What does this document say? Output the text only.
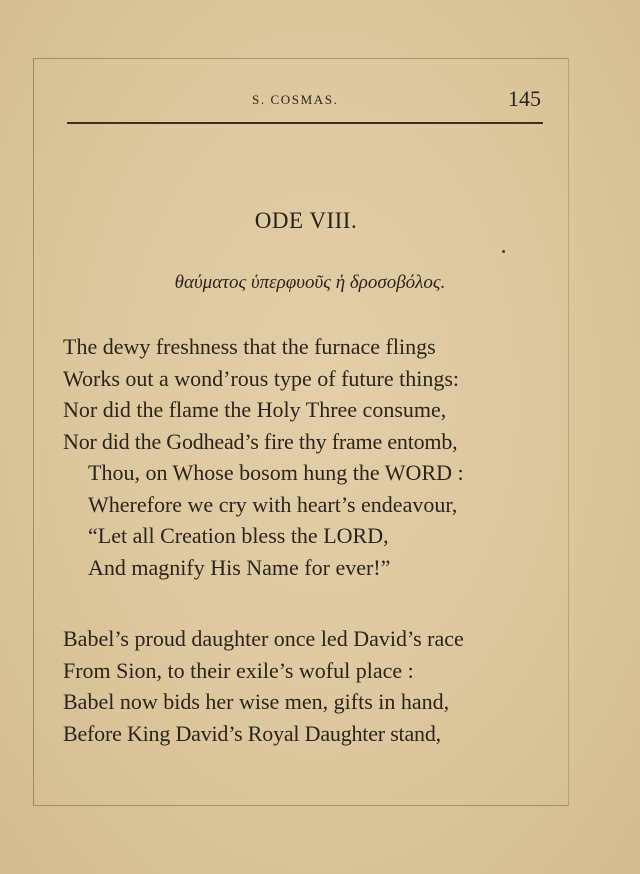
S. COSMAS.	145
ODE VIII.
θαύματος ὑπερφυοῦς ἡ δροσοβόλος.
The dewy freshness that the furnace flings
Works out a wond’rous type of future things:
Nor did the flame the Holy Three consume,
Nor did the Godhead’s fire thy frame entomb,
Thou, on Whose bosom hung the WORD :
Wherefore we cry with heart’s endeavour,
“Let all Creation bless the LORD,
And magnify His Name for ever!”
Babel’s proud daughter once led David’s race
From Sion, to their exile’s woful place :
Babel now bids her wise men, gifts in hand,
Before King David’s Royal Daughter stand,
